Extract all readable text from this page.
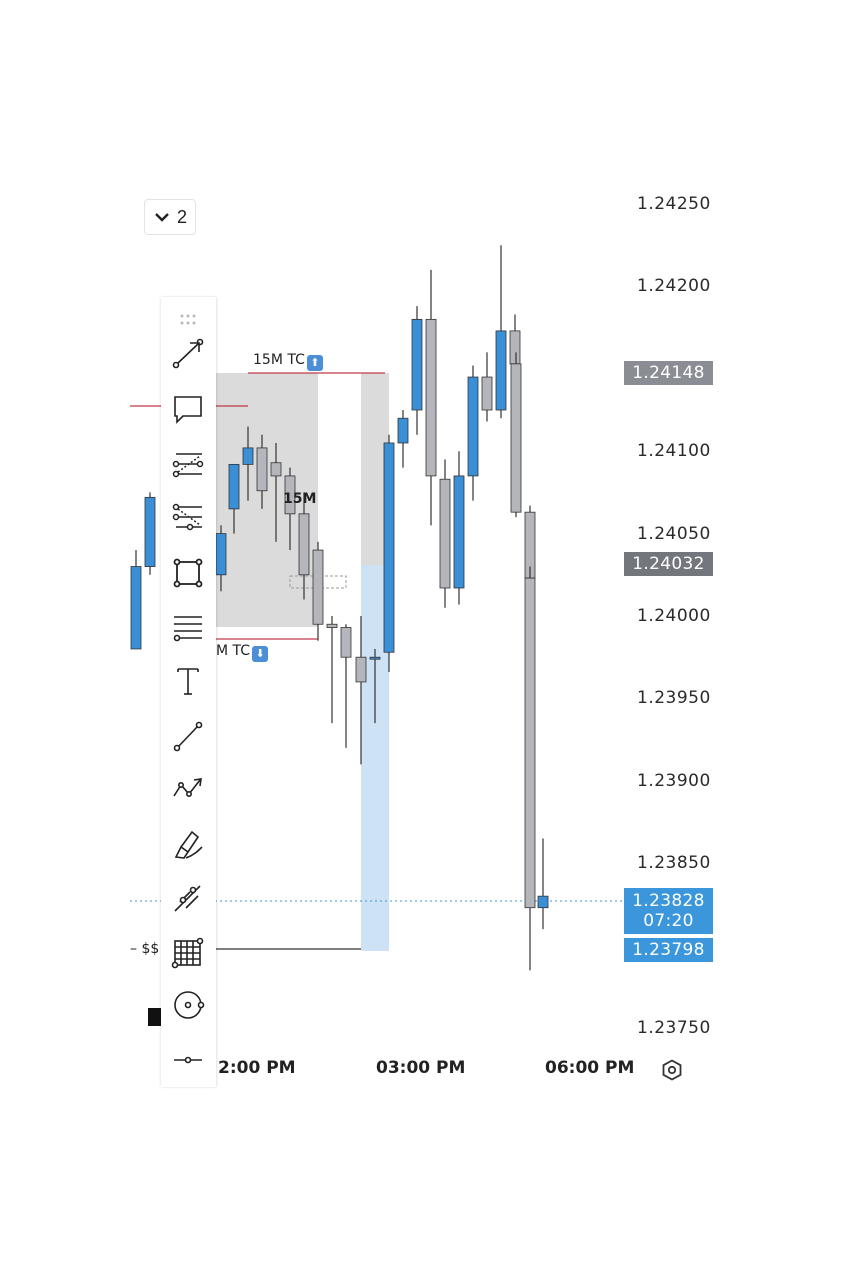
1.24250
1.24200
1.24100
1.24050
1.24000
1.23950
1.23900
1.23850
1.23750
1.24148
1.24032
1.23828
07:20
1.23798
2:00 PM	03:00 PM	06:00 PM
2
15M TC ⬆
M TC ⬇
15M
– $$
